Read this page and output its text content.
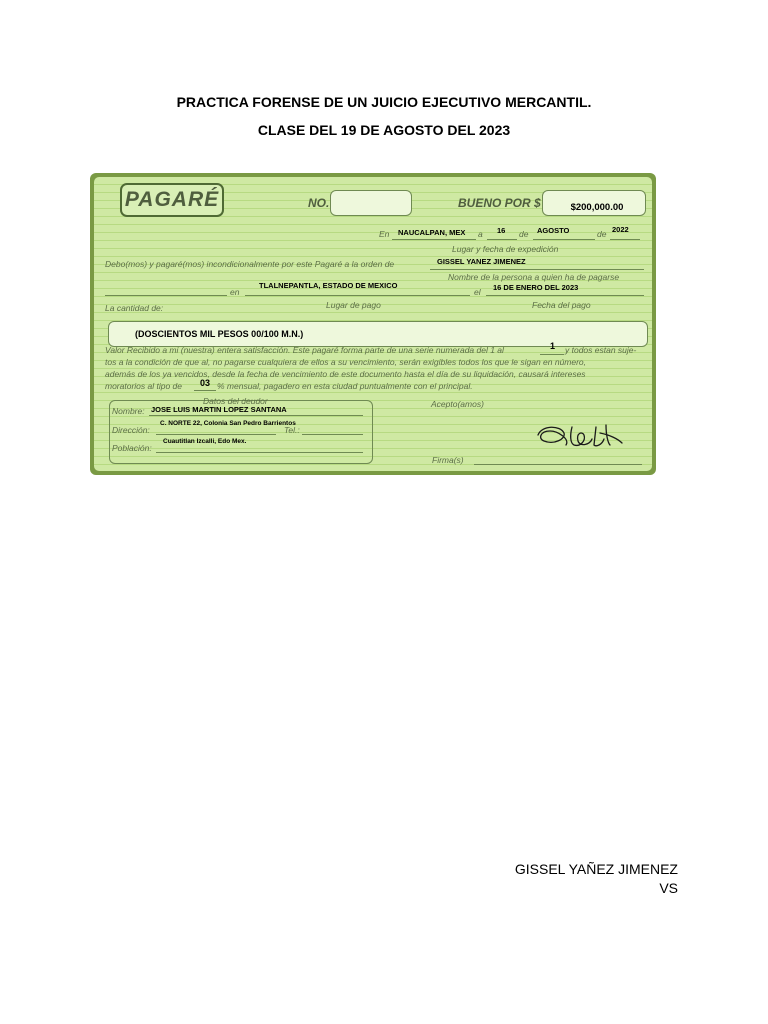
PRACTICA FORENSE DE UN JUICIO EJECUTIVO MERCANTIL.
CLASE DEL 19 DE AGOSTO DEL 2023
PAGARÉ	NO.	BUENO POR $	$200,000.00
En NAUCALPAN, MEX a 16 de AGOSTO	de 2022
Lugar y fecha de expedición
Debo(mos) y pagaré(mos) incondicionalmente por este Pagaré a la orden de	GISSEL YANEZ JIMENEZ
Nombre de la persona a quien ha de pagarse
en
TLALNEPANTLA, ESTADO DE MEXICO
el 16 DE ENERO DEL 2023
La cantidad de:	Lugar de pago	Fecha del pago
(DOSCIENTOS MIL PESOS 00/100 M.N.)
Valor Recibido a mi (nuestra) entera satisfacción. Este pagaré forma parte de una serie numerada del 1 al	1 y todos estan suje-
tos a la condición de que al, no pagarse cualquiera de ellos a su vencimiento, serán exigibles todos los que le sigan en número,
además de los ya vencidos, desde la fecha de vencimiento de este documento hasta el día de su liquidación, causará intereses
moratorios al tipo de 03 % mensual, pagadero en esta ciudad puntualmente con el principal.
Datos del deudor
Nombre: JOSE LUIS MARTIN LOPEZ SANTANA
Dirección:
C. NORTE 22, Colonia San Pedro Barrientos
Tel.:
Población:
Cuautitlan Izcalli, Edo Mex.
Acepto(amos)
Firma(s)
GISSEL YAÑEZ JIMENEZ
VS
